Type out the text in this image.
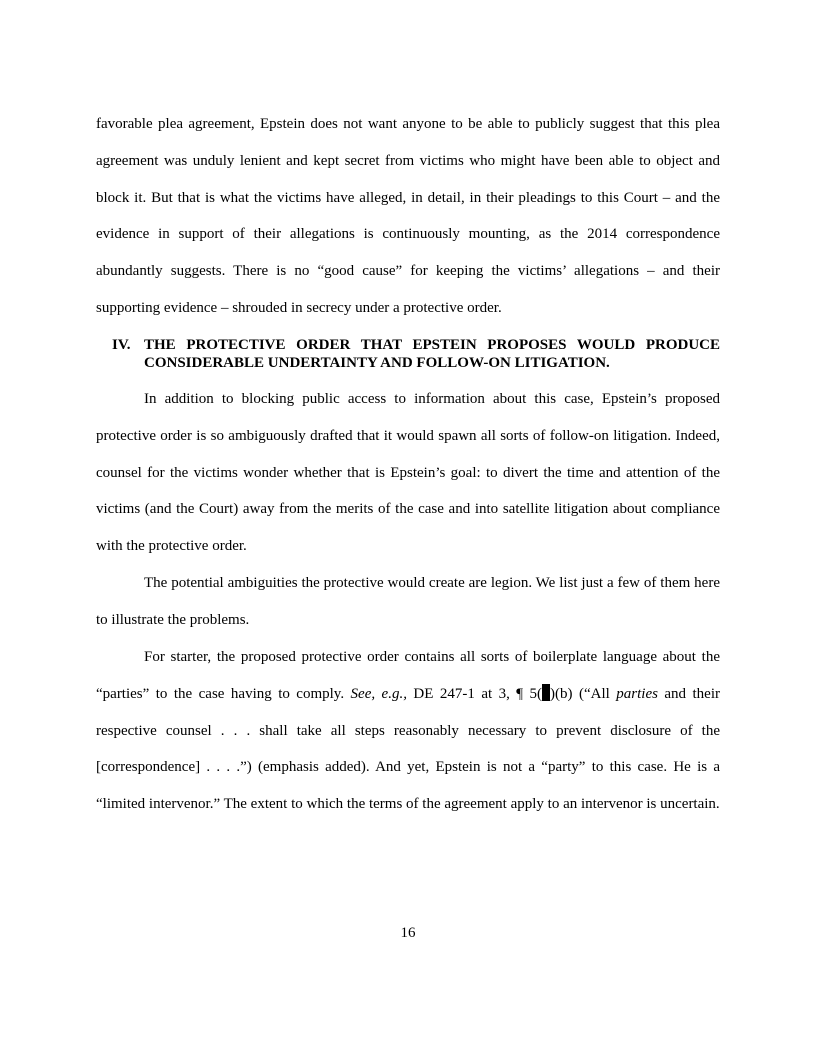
favorable plea agreement, Epstein does not want anyone to be able to publicly suggest that this plea agreement was unduly lenient and kept secret from victims who might have been able to object and block it. But that is what the victims have alleged, in detail, in their pleadings to this Court – and the evidence in support of their allegations is continuously mounting, as the 2014 correspondence abundantly suggests. There is no “good cause” for keeping the victims’ allegations – and their supporting evidence – shrouded in secrecy under a protective order.

IV. THE PROTECTIVE ORDER THAT EPSTEIN PROPOSES WOULD PRODUCE CONSIDERABLE UNDERTAINTY AND FOLLOW-ON LITIGATION.

In addition to blocking public access to information about this case, Epstein’s proposed protective order is so ambiguously drafted that it would spawn all sorts of follow-on litigation. Indeed, counsel for the victims wonder whether that is Epstein’s goal: to divert the time and attention of the victims (and the Court) away from the merits of the case and into satellite litigation about compliance with the protective order.

The potential ambiguities the protective would create are legion. We list just a few of them here to illustrate the problems.

For starter, the proposed protective order contains all sorts of boilerplate language about the “parties” to the case having to comply. See, e.g., DE 247-1 at 3, ¶ 5( )(b) (“All parties and their respective counsel . . . shall take all steps reasonably necessary to prevent disclosure of the [correspondence] . . . .”) (emphasis added). And yet, Epstein is not a “party” to this case. He is a “limited intervenor.” The extent to which the terms of the agreement apply to an intervenor is uncertain.

16
